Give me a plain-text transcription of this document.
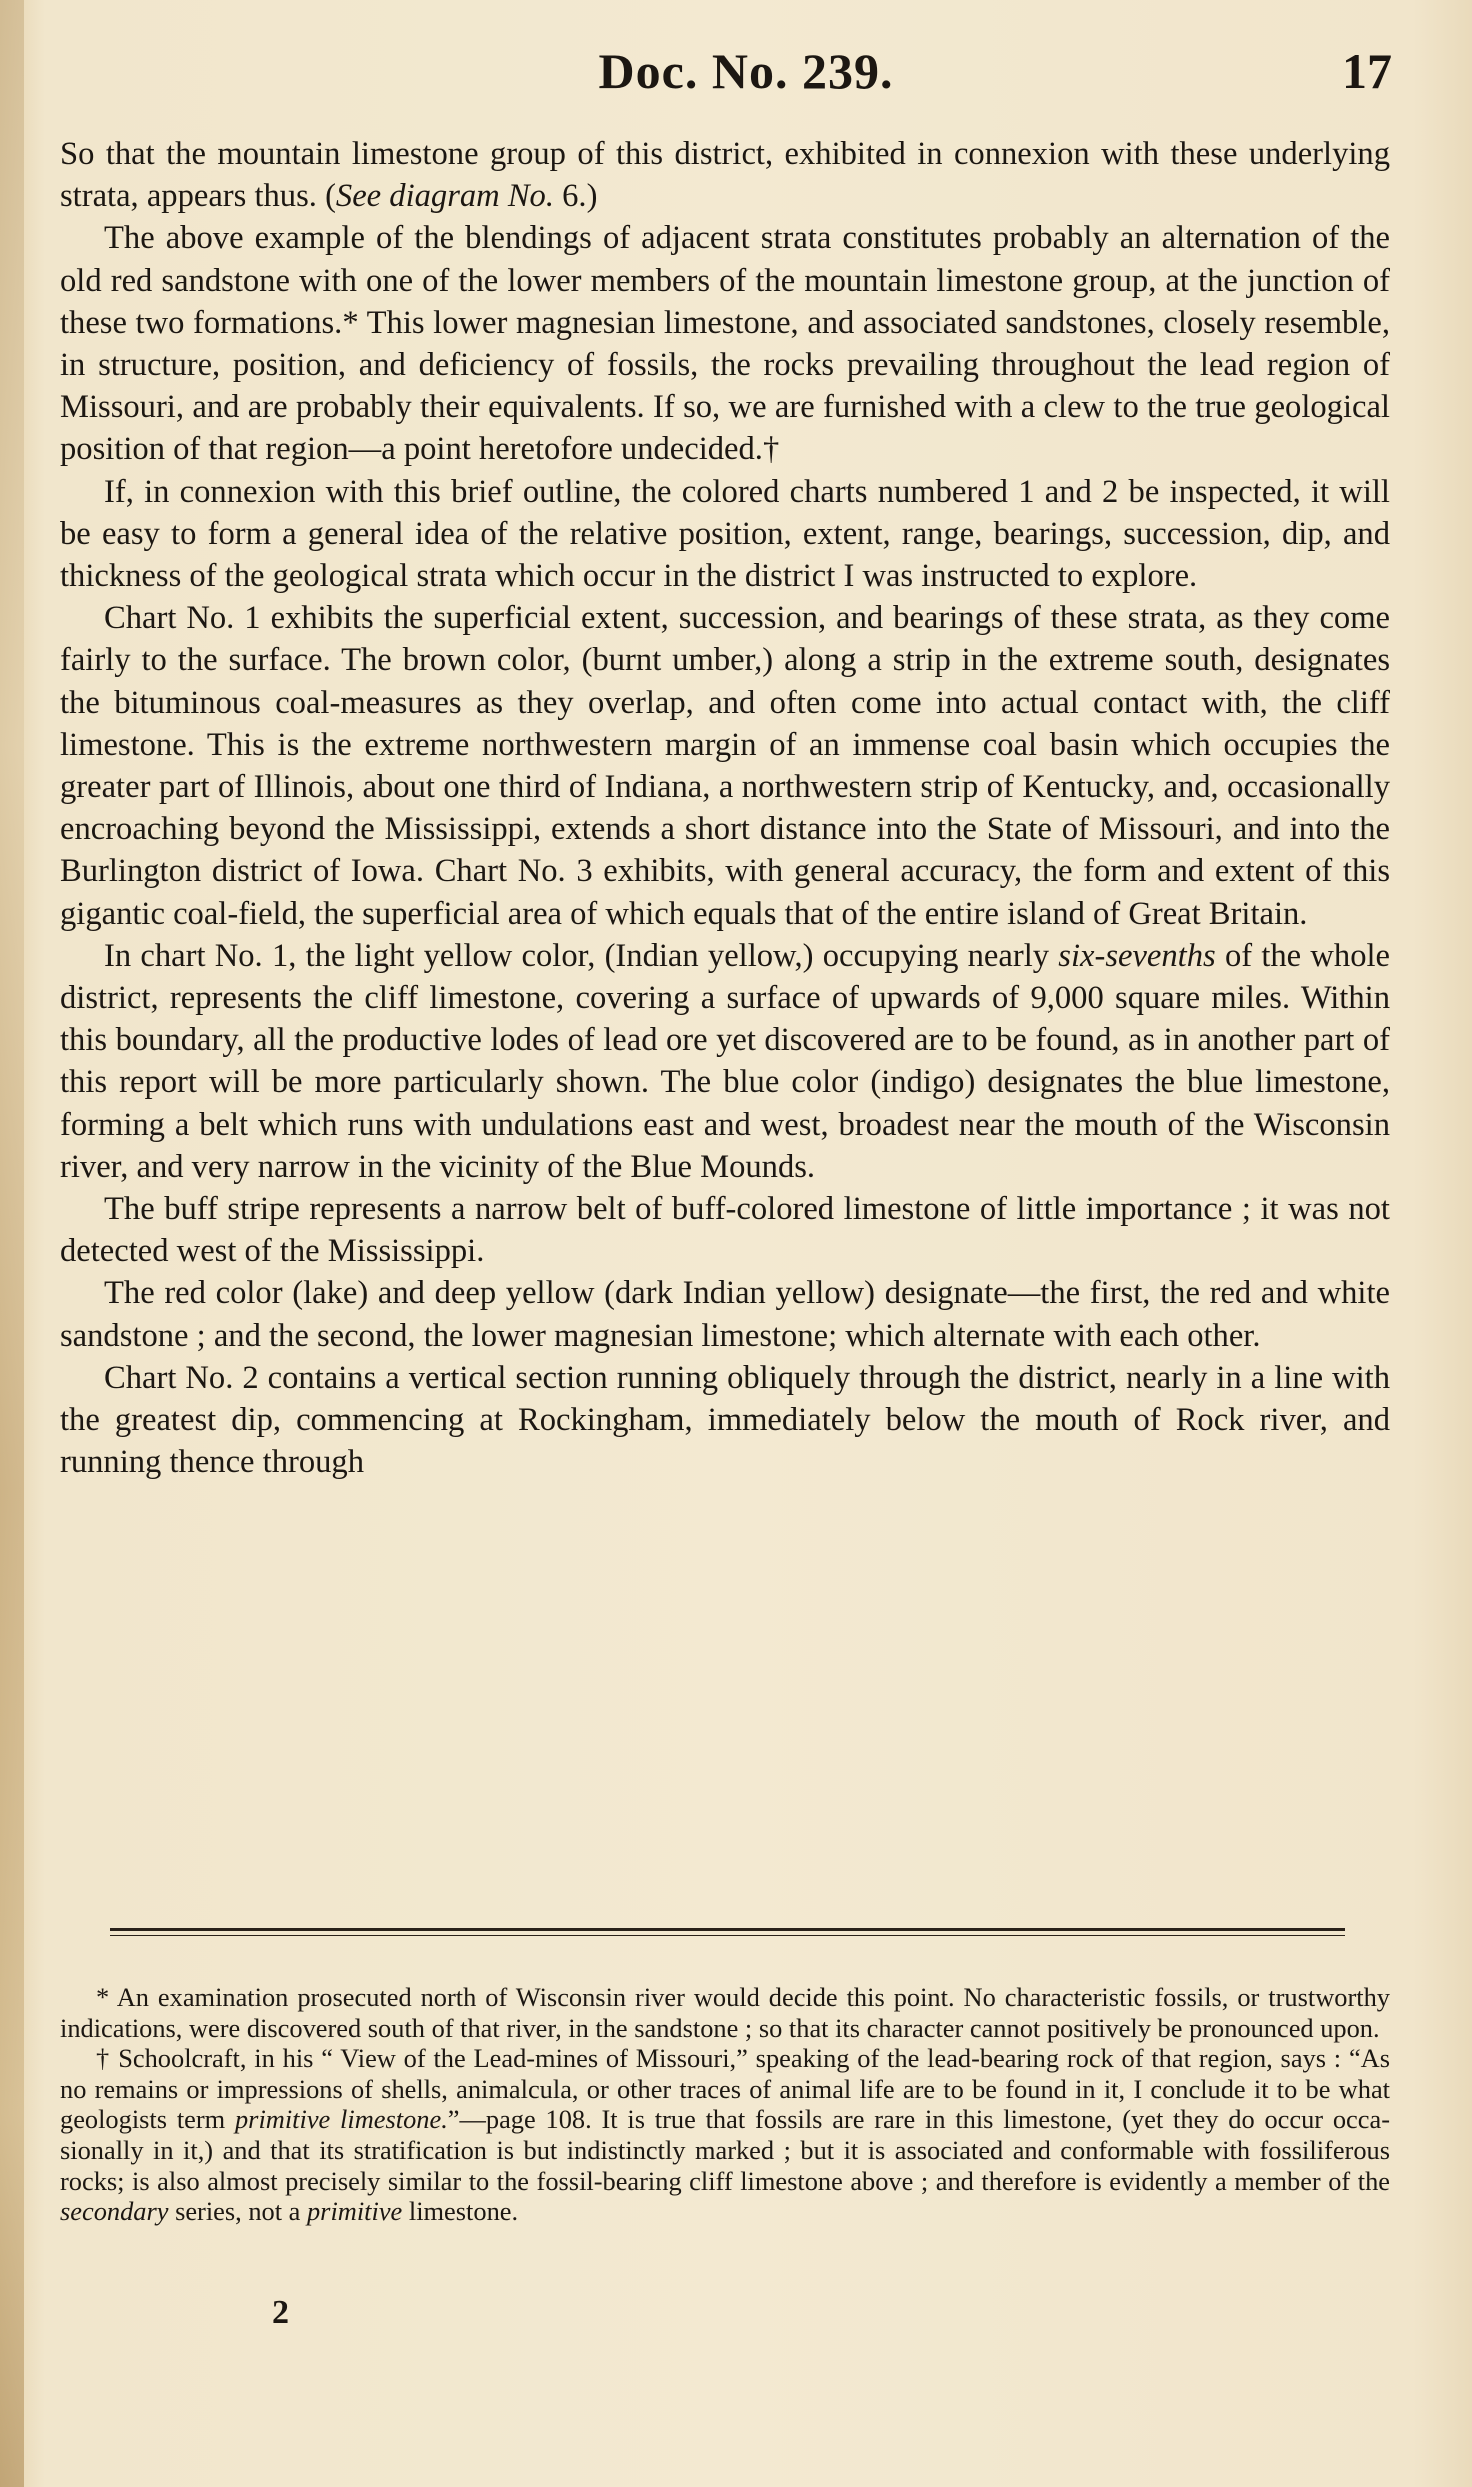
Doc. No. 239.	17

So that the mountain limestone group of this district, exhibited in connexion with these underlying strata, appears thus. (See diagram No. 6.)

The above example of the blendings of adjacent strata constitutes probably an alternation of the old red sandstone with one of the lower members of the mountain limestone group, at the junction of these two formations.* This lower magnesian limestone, and associated sandstones, closely resemble, in structure, position, and deficiency of fossils, the rocks prevailing throughout the lead region of Missouri, and are probably their equivalents. If so, we are furnished with a clew to the true geological position of that region—a point heretofore undecided.†

If, in connexion with this brief outline, the colored charts numbered 1 and 2 be inspected, it will be easy to form a general idea of the relative position, extent, range, bearings, succession, dip, and thickness of the geological strata which occur in the district I was instructed to explore.

Chart No. 1 exhibits the superficial extent, succession, and bearings of these strata, as they come fairly to the surface. The brown color, (burnt umber,) along a strip in the extreme south, designates the bituminous coal-measures as they overlap, and often come into actual contact with, the cliff limestone. This is the extreme northwestern margin of an immense coal basin which occupies the greater part of Illinois, about one third of Indiana, a northwestern strip of Kentucky, and, occasionally encroaching beyond the Mississippi, extends a short distance into the State of Missouri, and into the Burlington district of Iowa. Chart No. 3 exhibits, with general accuracy, the form and extent of this gigantic coal-field, the superficial area of which equals that of the entire island of Great Britain.

In chart No. 1, the light yellow color, (Indian yellow,) occupying nearly six-sevenths of the whole district, represents the cliff limestone, covering a surface of upwards of 9,000 square miles. Within this boundary, all the productive lodes of lead ore yet discovered are to be found, as in another part of this report will be more particularly shown. The blue color (indigo) designates the blue limestone, forming a belt which runs with undulations east and west, broadest near the mouth of the Wisconsin river, and very narrow in the vicinity of the Blue Mounds.

The buff stripe represents a narrow belt of buff-colored limestone of little importance ; it was not detected west of the Mississippi.

The red color (lake) and deep yellow (dark Indian yellow) designate—the first, the red and white sandstone ; and the second, the lower magnesian limestone; which alternate with each other.

Chart No. 2 contains a vertical section running obliquely through the district, nearly in a line with the greatest dip, commencing at Rockingham, immediately below the mouth of Rock river, and running thence through

* An examination prosecuted north of Wisconsin river would decide this point. No characteristic fossils, or trustworthy indications, were discovered south of that river, in the sandstone ; so that its character cannot positively be pronounced upon.

† Schoolcraft, in his “ View of the Lead-mines of Missouri,” speaking of the lead-bearing rock of that region, says : “As no remains or impressions of shells, animalcula, or other traces of animal life are to be found in it, I conclude it to be what geologists term primitive limestone.”—page 108. It is true that fossils are rare in this limestone, (yet they do occur occasionally in it,) and that its stratification is but indistinctly marked ; but it is associated and conformable with fossiliferous rocks; is also almost precisely similar to the fossil-bearing cliff limestone above ; and therefore is evidently a member of the secondary series, not a primitive limestone.

2
